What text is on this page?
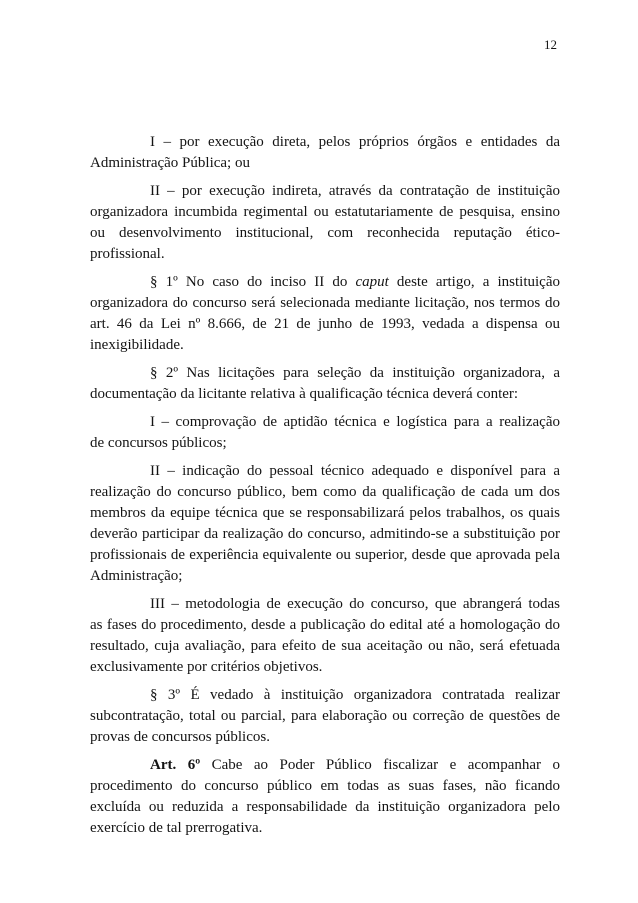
12
I – por execução direta, pelos próprios órgãos e entidades da
Administração Pública; ou
II – por execução indireta, através da contratação de instituição
organizadora incumbida regimental ou estatutariamente de pesquisa, ensino
ou desenvolvimento institucional, com reconhecida reputação ético-
profissional.
§ 1º No caso do inciso II do caput deste artigo, a instituição
organizadora do concurso será selecionada mediante licitação, nos termos do
art. 46 da Lei nº 8.666, de 21 de junho de 1993, vedada a dispensa ou
inexigibilidade.
§ 2º Nas licitações para seleção da instituição organizadora, a
documentação da licitante relativa à qualificação técnica deverá conter:
I – comprovação de aptidão técnica e logística para a realização
de concursos públicos;
II – indicação do pessoal técnico adequado e disponível para a
realização do concurso público, bem como da qualificação de cada um dos
membros da equipe técnica que se responsabilizará pelos trabalhos, os quais
deverão participar da realização do concurso, admitindo-se a substituição por
profissionais de experiência equivalente ou superior, desde que aprovada pela
Administração;
III – metodologia de execução do concurso, que abrangerá todas
as fases do procedimento, desde a publicação do edital até a homologação do
resultado, cuja avaliação, para efeito de sua aceitação ou não, será efetuada
exclusivamente por critérios objetivos.
§ 3º É vedado à instituição organizadora contratada realizar
subcontratação, total ou parcial, para elaboração ou correção de questões de
provas de concursos públicos.
Art. 6º Cabe ao Poder Público fiscalizar e acompanhar o
procedimento do concurso público em todas as suas fases, não ficando
excluída ou reduzida a responsabilidade da instituição organizadora pelo
exercício de tal prerrogativa.
